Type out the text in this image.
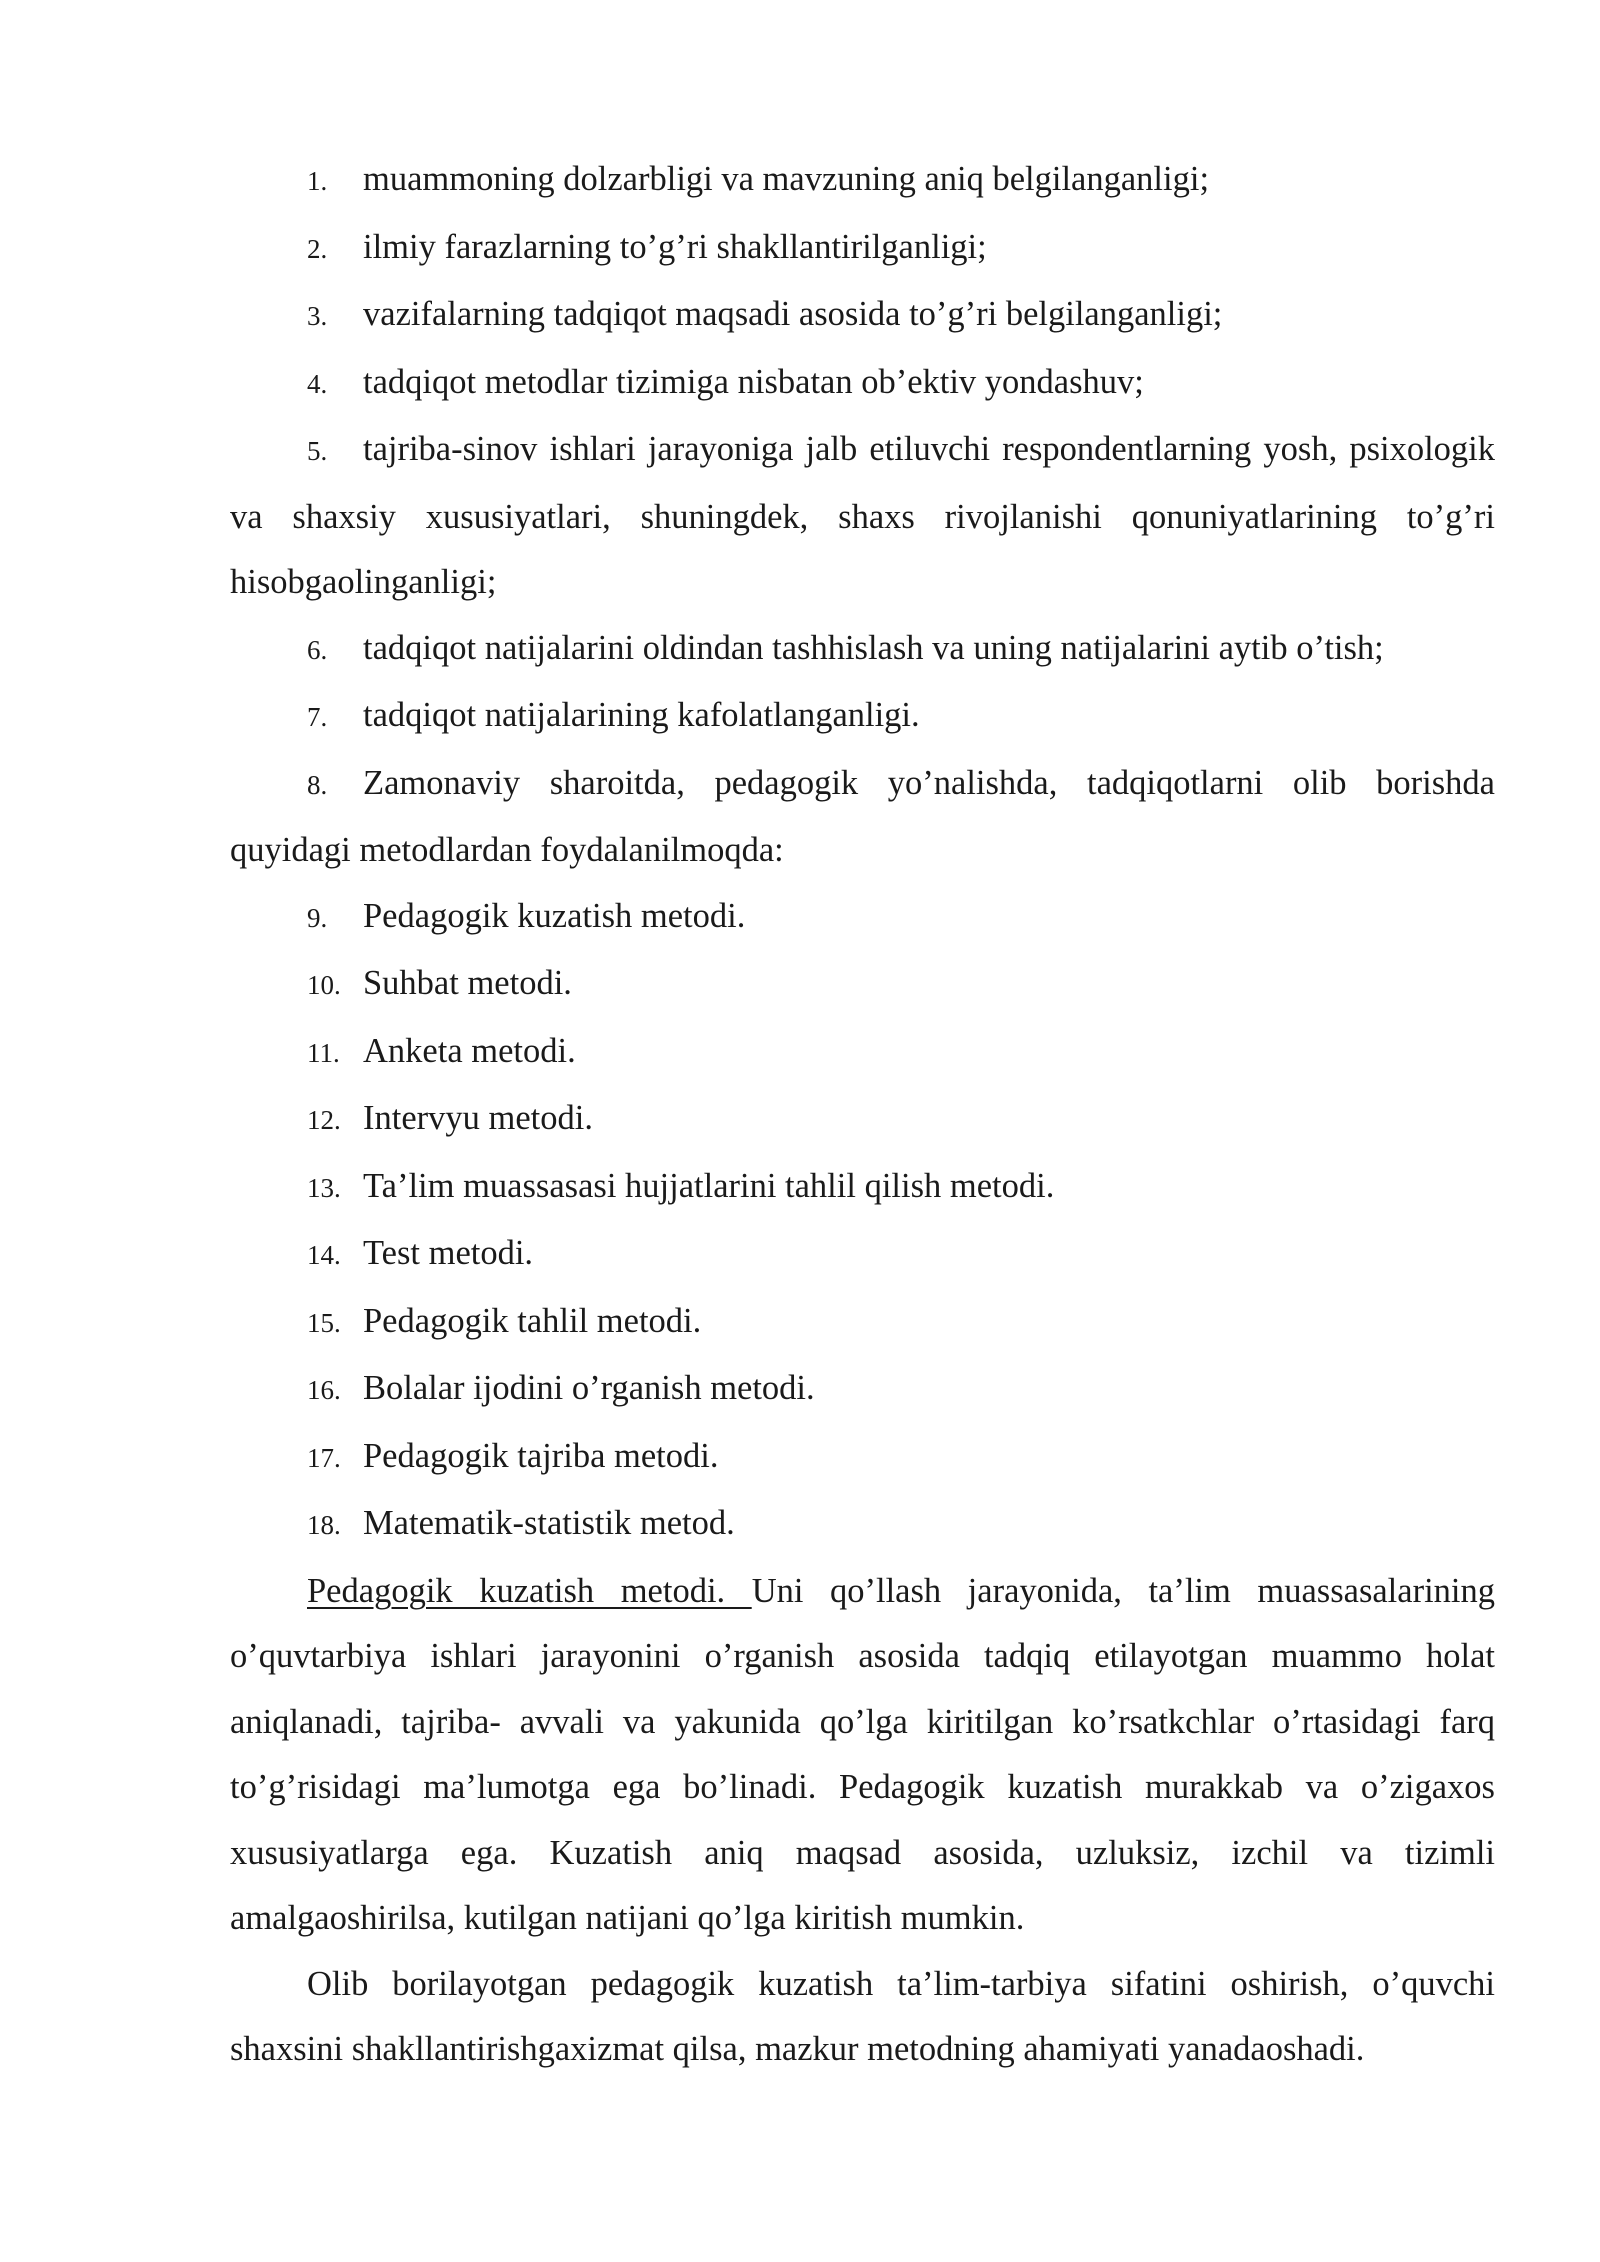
1. muammoning dolzarbligi va mavzuning aniq belgilanganligi;
2. ilmiy farazlarning to’g’ri shakllantirilganligi;
3. vazifalarning tadqiqot maqsadi asosida to’g’ri belgilanganligi;
4. tadqiqot metodlar tizimiga nisbatan ob’ektiv yondashuv;
5. tajriba-sinov ishlari jarayoniga jalb etiluvchi respondentlarning yosh, psixologik va shaxsiy xususiyatlari, shuningdek, shaxs rivojlanishi qonuniyatlarining to’g’ri hisobgaolinganligi;
6. tadqiqot natijalarini oldindan tashhislash va uning natijalarini aytib o’tish;
7. tadqiqot natijalarining kafolatlanganligi.
8. Zamonaviy sharoitda, pedagogik yo’nalishda, tadqiqotlarni olib borishda quyidagi metodlardan foydalanilmoqda:
9. Pedagogik kuzatish metodi.
10. Suhbat metodi.
11. Anketa metodi.
12. Intervyu metodi.
13. Ta’lim muassasasi hujjatlarini tahlil qilish metodi.
14. Test metodi.
15. Pedagogik tahlil metodi.
16. Bolalar ijodini o’rganish metodi.
17. Pedagogik tajriba metodi.
18. Matematik-statistik metod.

Pedagogik kuzatish metodi. Uni qo’llash jarayonida, ta’lim muassasalarining o’quvtarbiya ishlari jarayonini o’rganish asosida tadqiq etilayotgan muammo holat aniqlanadi, tajriba- avvali va yakunida qo’lga kiritilgan ko’rsatkchlar o’rtasidagi farq to’g’risidagi ma’lumotga ega bo’linadi. Pedagogik kuzatish murakkab va o’zigaxos xususiyatlarga ega. Kuzatish aniq maqsad asosida, uzluksiz, izchil va tizimli amalgaoshirilsa, kutilgan natijani qo’lga kiritish mumkin.

Olib borilayotgan pedagogik kuzatish ta’lim-tarbiya sifatini oshirish, o’quvchi shaxsini shakllantirishgaxizmat qilsa, mazkur metodning ahamiyati yanadaoshadi.
